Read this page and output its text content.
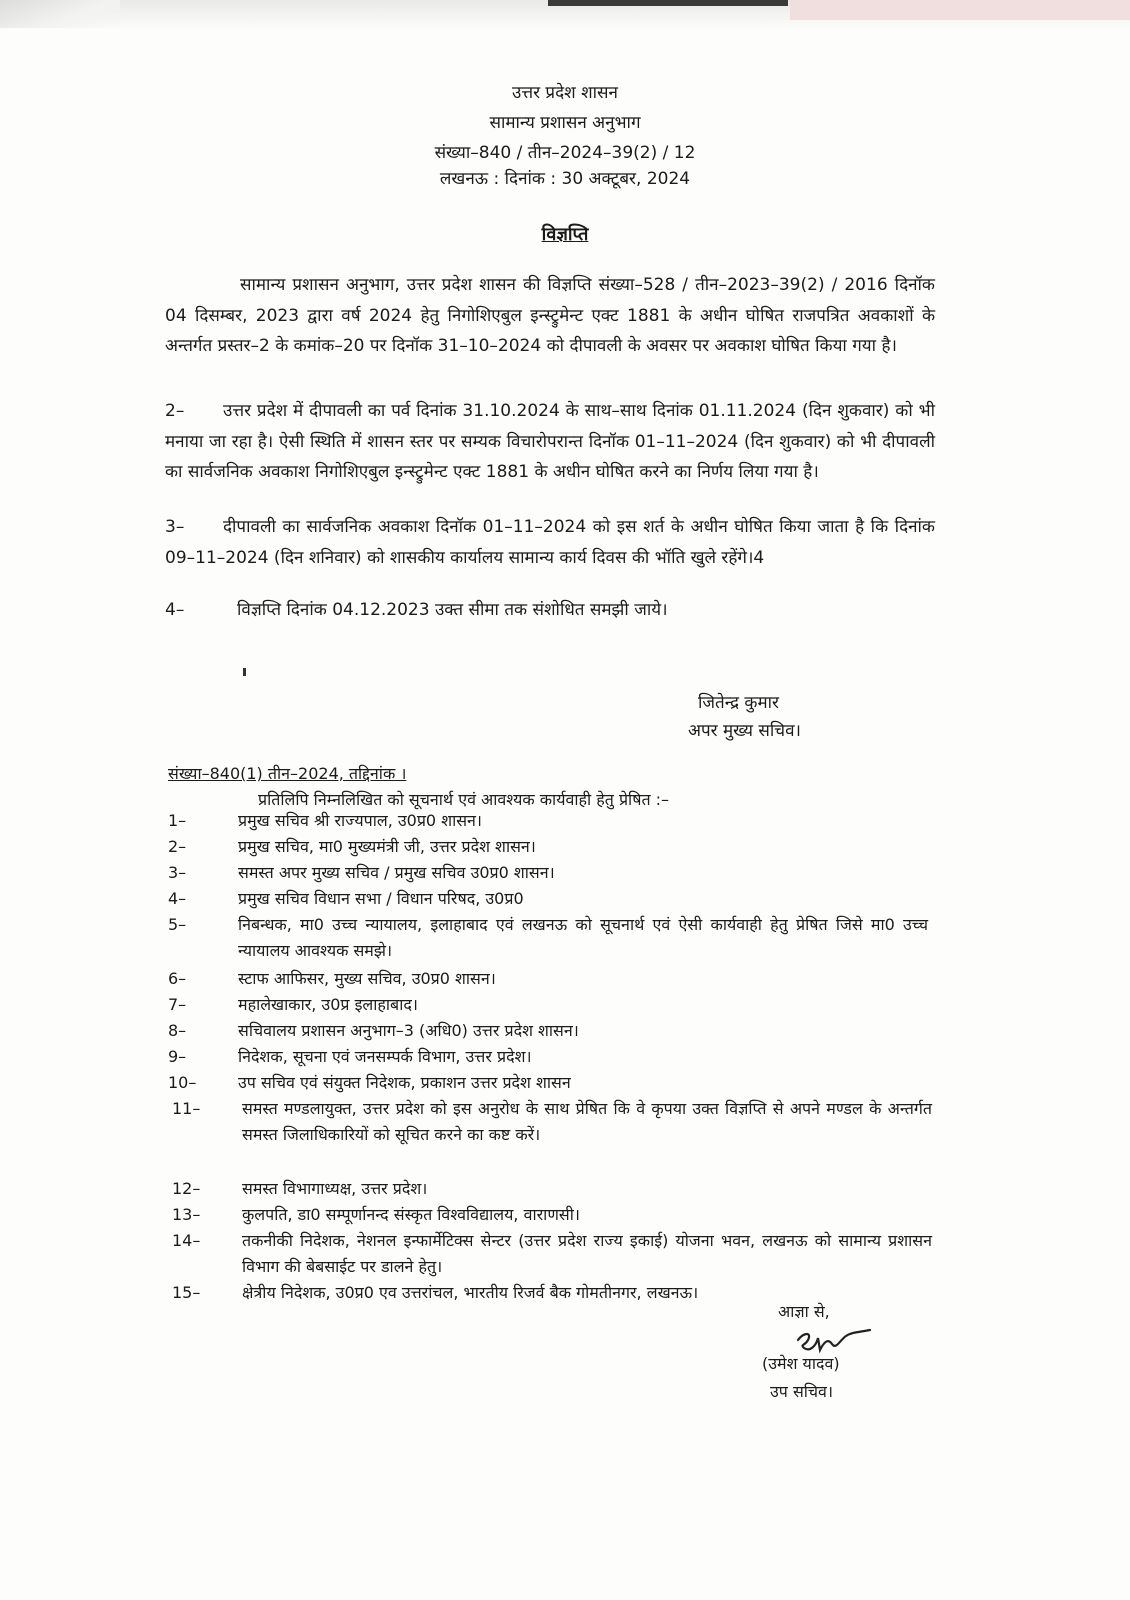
उत्तर प्रदेश शासन
सामान्य प्रशासन अनुभाग
संख्या–840 / तीन–2024–39(2) / 12
लखनऊ : दिनांक : 30 अक्टूबर, 2024
विज्ञप्ति
सामान्य प्रशासन अनुभाग, उत्तर प्रदेश शासन की विज्ञप्ति संख्या–528 / तीन–2023–39(2) / 2016 दिनॉक 04 दिसम्बर, 2023 द्वारा वर्ष 2024 हेतु निगोशिएबुल इन्स्ट्रुमेन्ट एक्ट 1881 के अधीन घोषित राजपत्रित अवकाशों के अन्तर्गत प्रस्तर–2 के कमांक–20 पर दिनॉक 31–10–2024 को दीपावली के अवसर पर अवकाश घोषित किया गया है।
2– उत्तर प्रदेश में दीपावली का पर्व दिनांक 31.10.2024 के साथ–साथ दिनांक 01.11.2024 (दिन शुकवार) को भी मनाया जा रहा है। ऐसी स्थिति में शासन स्तर पर सम्यक विचारोपरान्त दिनॉक 01–11–2024 (दिन शुकवार) को भी दीपावली का सार्वजनिक अवकाश निगोशिएबुल इन्स्ट्रुमेन्ट एक्ट 1881 के अधीन घोषित करने का निर्णय लिया गया है।
3– दीपावली का सार्वजनिक अवकाश दिनॉक 01–11–2024 को इस शर्त के अधीन घोषित किया जाता है कि दिनांक 09–11–2024 (दिन शनिवार) को शासकीय कार्यालय सामान्य कार्य दिवस की भॉति खुले रहेंगे।4
4–	विज्ञप्ति दिनांक 04.12.2023 उक्त सीमा तक संशोधित समझी जाये।
जितेन्द्र कुमार
अपर मुख्य सचिव।
संख्या–840(1) तीन–2024, तद्दिनांक ।
प्रतिलिपि निम्नलिखित को सूचनार्थ एवं आवश्यक कार्यवाही हेतु प्रेषित :–
1–	प्रमुख सचिव श्री राज्यपाल, उ0प्र0 शासन।
2–	प्रमुख सचिव, मा0 मुख्यमंत्री जी, उत्तर प्रदेश शासन।
3–	समस्त अपर मुख्य सचिव / प्रमुख सचिव उ0प्र0 शासन।
4–	प्रमुख सचिव विधान सभा / विधान परिषद, उ0प्र0
5–	निबन्धक, मा0 उच्च न्यायालय, इलाहाबाद एवं लखनऊ को सूचनार्थ एवं ऐसी कार्यवाही हेतु प्रेषित जिसे मा0 उच्च न्यायालय आवश्यक समझे।
6–	स्टाफ आफिसर, मुख्य सचिव, उ0प्र0 शासन।
7–	महालेखाकार, उ0प्र इलाहाबाद।
8–	सचिवालय प्रशासन अनुभाग–3 (अधि0) उत्तर प्रदेश शासन।
9–	निदेशक, सूचना एवं जनसम्पर्क विभाग, उत्तर प्रदेश।
10–	उप सचिव एवं संयुक्त निदेशक, प्रकाशन उत्तर प्रदेश शासन
11–	समस्त मण्डलायुक्त, उत्तर प्रदेश को इस अनुरोध के साथ प्रेषित कि वे कृपया उक्त विज्ञप्ति से अपने मण्डल के अन्तर्गत समस्त जिलाधिकारियों को सूचित करने का कष्ट करें।
12–	समस्त विभागाध्यक्ष, उत्तर प्रदेश।
13–	कुलपति, डा0 सम्पूर्णानन्द संस्कृत विश्वविद्यालय, वाराणसी।
14–	तकनीकी निदेशक, नेशनल इन्फार्मेटिक्स सेन्टर (उत्तर प्रदेश राज्य इकाई) योजना भवन, लखनऊ को सामान्य प्रशासन विभाग की बेबसाईट पर डालने हेतु।
15–	क्षेत्रीय निदेशक, उ0प्र0 एव उत्तरांचल, भारतीय रिजर्व बैक गोमतीनगर, लखनऊ।
आज्ञा से,
(उमेश यादव)
उप सचिव।
